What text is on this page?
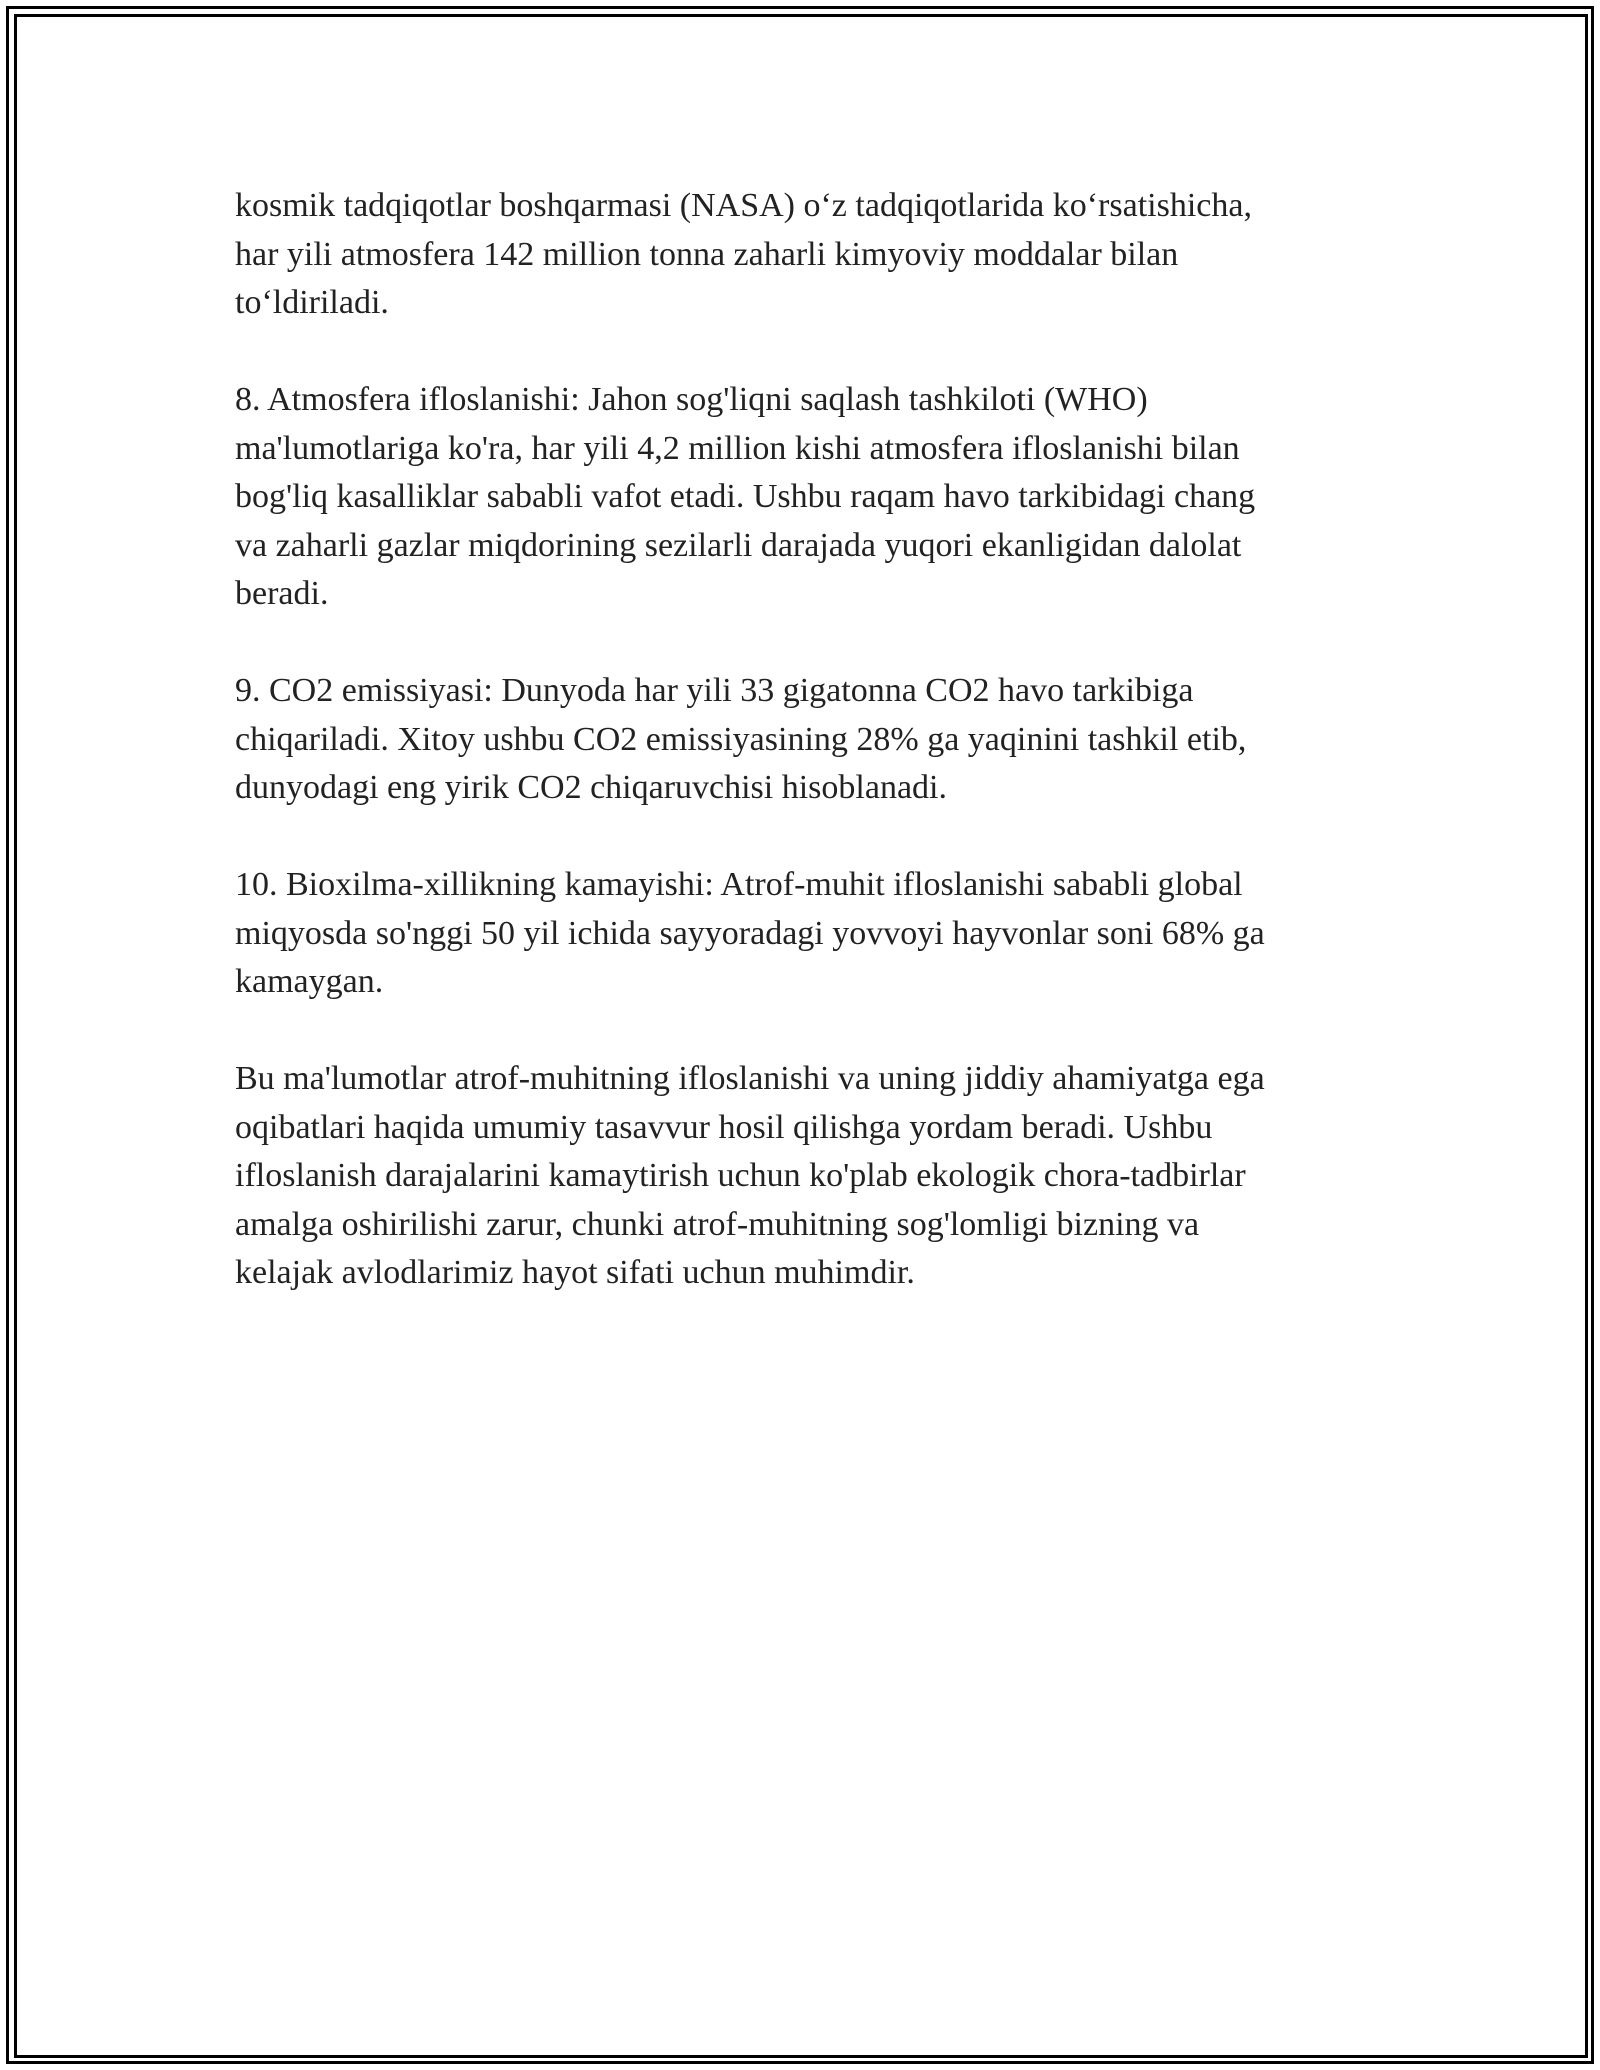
kosmik tadqiqotlar boshqarmasi (NASA) o‘z tadqiqotlarida ko‘rsatishicha,
har yili atmosfera 142 million tonna zaharli kimyoviy moddalar bilan
to‘ldiriladi.

8. Atmosfera ifloslanishi: Jahon sog'liqni saqlash tashkiloti (WHO)
ma'lumotlariga ko'ra, har yili 4,2 million kishi atmosfera ifloslanishi bilan
bog'liq kasalliklar sababli vafot etadi. Ushbu raqam havo tarkibidagi chang
va zaharli gazlar miqdorining sezilarli darajada yuqori ekanligidan dalolat
beradi.

9. CO2 emissiyasi: Dunyoda har yili 33 gigatonna CO2 havo tarkibiga
chiqariladi. Xitoy ushbu CO2 emissiyasining 28% ga yaqinini tashkil etib,
dunyodagi eng yirik CO2 chiqaruvchisi hisoblanadi.

10. Bioxilma-xillikning kamayishi: Atrof-muhit ifloslanishi sababli global
miqyosda so'nggi 50 yil ichida sayyoradagi yovvoyi hayvonlar soni 68% ga
kamaygan.

Bu ma'lumotlar atrof-muhitning ifloslanishi va uning jiddiy ahamiyatga ega
oqibatlari haqida umumiy tasavvur hosil qilishga yordam beradi. Ushbu
ifloslanish darajalarini kamaytirish uchun ko'plab ekologik chora-tadbirlar
amalga oshirilishi zarur, chunki atrof-muhitning sog'lomligi bizning va
kelajak avlodlarimiz hayot sifati uchun muhimdir.
